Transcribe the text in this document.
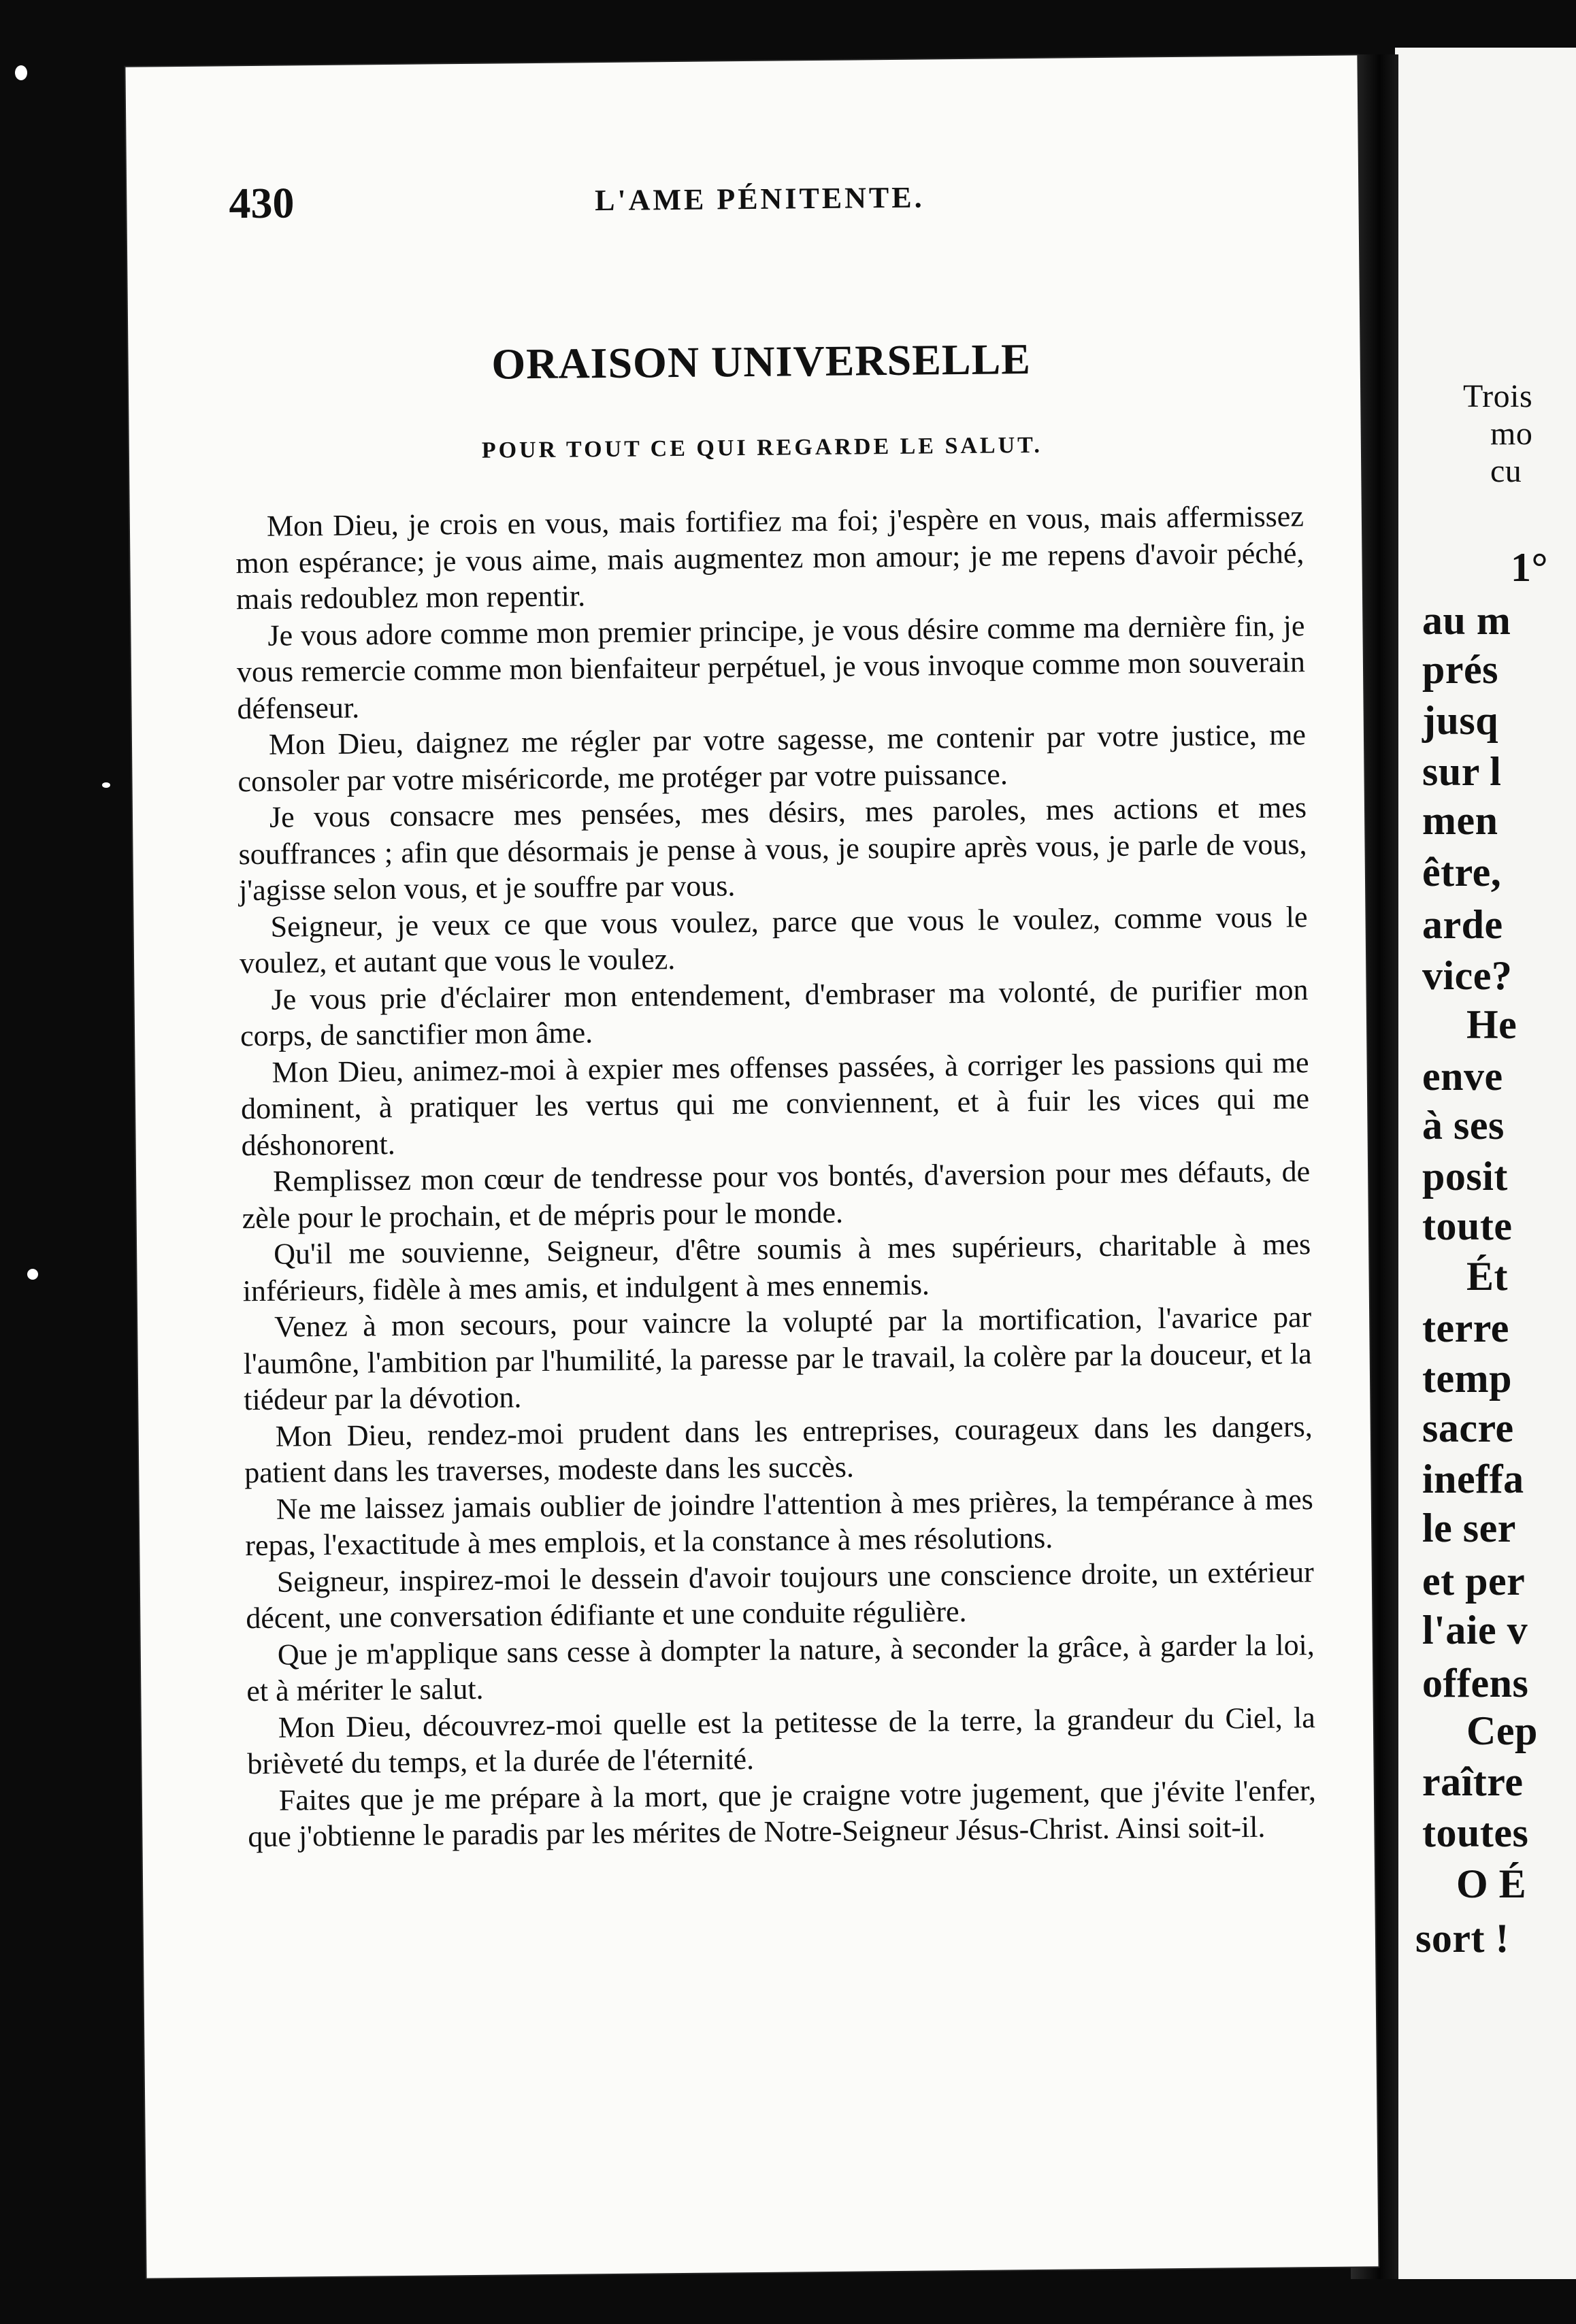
Trois
mo
cu
1°
au m
prés
jusq
sur l
men
être,
arde
vice?
He
enve
à ses
posit
toute
Ét
terre
temp
sacre
ineffa
le ser
et per
l'aie v
offens
Cep
raître
toutes
O É
sort !
430	L'AME PÉNITENTE.
ORAISON UNIVERSELLE
POUR TOUT CE QUI REGARDE LE SALUT.

Mon Dieu, je crois en vous, mais fortifiez ma foi; j'espère en vous, mais affermissez mon espérance; je vous aime, mais augmentez mon amour; je me repens d'avoir péché, mais redoublez mon repentir.

Je vous adore comme mon premier principe, je vous désire comme ma dernière fin, je vous remercie comme mon bienfaiteur perpétuel, je vous invoque comme mon souverain défenseur.

Mon Dieu, daignez me régler par votre sagesse, me contenir par votre justice, me consoler par votre miséricorde, me protéger par votre puissance.

Je vous consacre mes pensées, mes désirs, mes paroles, mes actions et mes souffrances ; afin que désormais je pense à vous, je soupire après vous, je parle de vous, j'agisse selon vous, et je souffre par vous.

Seigneur, je veux ce que vous voulez, parce que vous le voulez, comme vous le voulez, et autant que vous le voulez.

Je vous prie d'éclairer mon entendement, d'embraser ma volonté, de purifier mon corps, de sanctifier mon âme.

Mon Dieu, animez-moi à expier mes offenses passées, à corriger les passions qui me dominent, à pratiquer les vertus qui me conviennent, et à fuir les vices qui me déshonorent.

Remplissez mon cœur de tendresse pour vos bontés, d'aversion pour mes défauts, de zèle pour le prochain, et de mépris pour le monde.

Qu'il me souvienne, Seigneur, d'être soumis à mes supérieurs, charitable à mes inférieurs, fidèle à mes amis, et indulgent à mes ennemis.

Venez à mon secours, pour vaincre la volupté par la mortification, l'avarice par l'aumône, l'ambition par l'humilité, la paresse par le travail, la colère par la douceur, et la tiédeur par la dévotion.

Mon Dieu, rendez-moi prudent dans les entreprises, courageux dans les dangers, patient dans les traverses, modeste dans les succès.

Ne me laissez jamais oublier de joindre l'attention à mes prières, la tempérance à mes repas, l'exactitude à mes emplois, et la constance à mes résolutions.

Seigneur, inspirez-moi le dessein d'avoir toujours une conscience droite, un extérieur décent, une conversation édifiante et une conduite régulière.

Que je m'applique sans cesse à dompter la nature, à seconder la grâce, à garder la loi, et à mériter le salut.

Mon Dieu, découvrez-moi quelle est la petitesse de la terre, la grandeur du Ciel, la brièveté du temps, et la durée de l'éternité.

Faites que je me prépare à la mort, que je craigne votre jugement, que j'évite l'enfer, que j'obtienne le paradis par les mérites de Notre-Seigneur Jésus-Christ. Ainsi soit-il.
